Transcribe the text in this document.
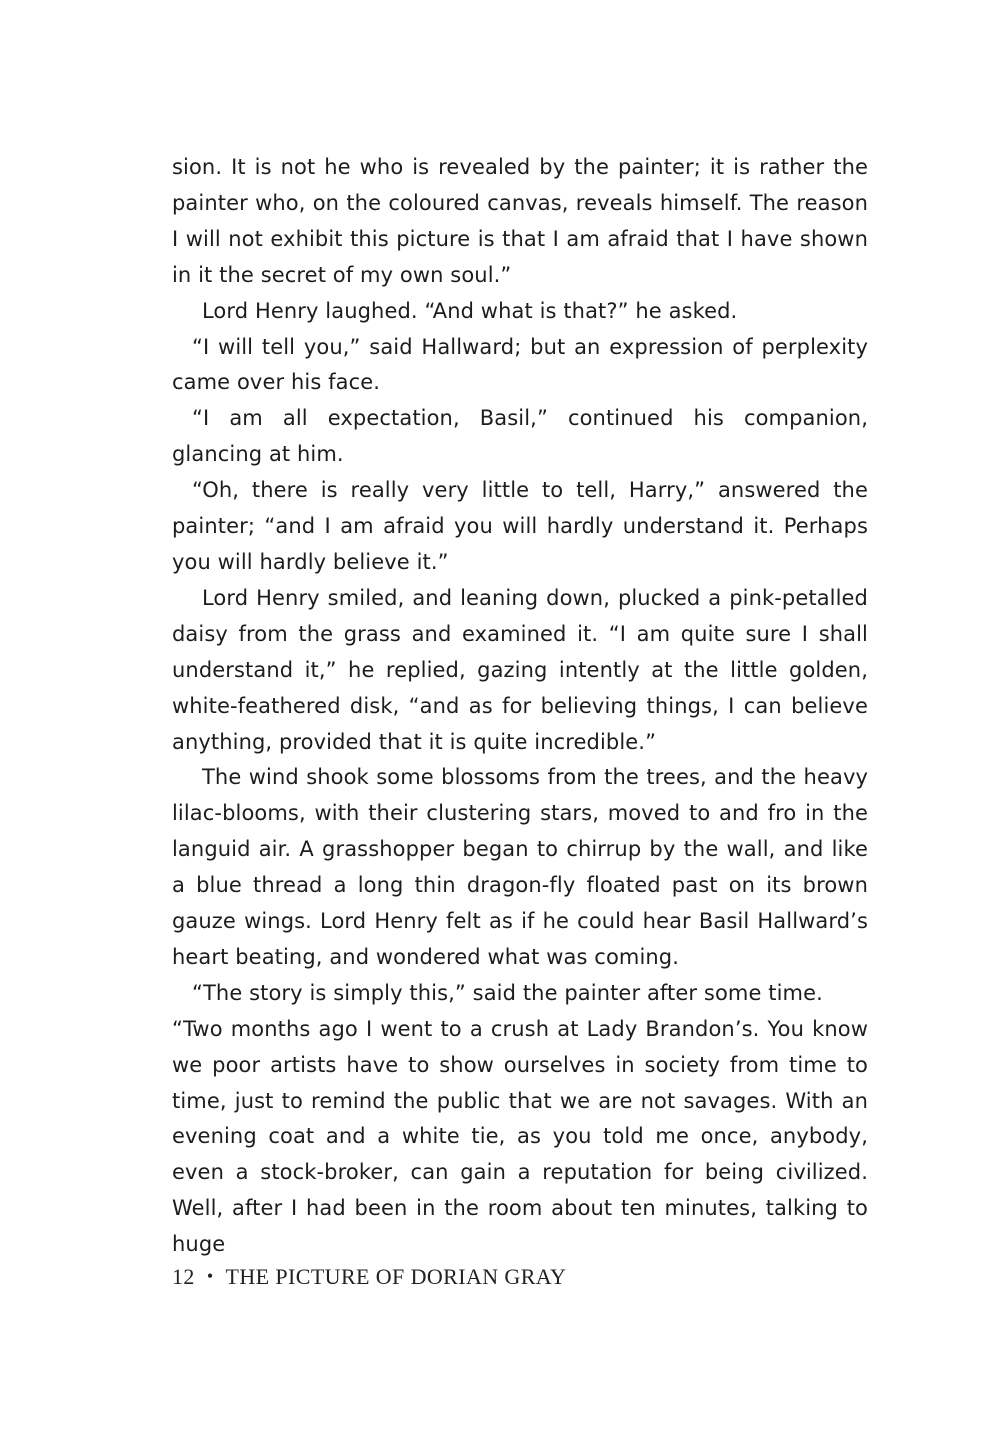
sion. It is not he who is revealed by the painter; it is rather the painter who, on the coloured canvas, reveals himself. The reason I will not exhibit this picture is that I am afraid that I have shown in it the secret of my own soul.”

Lord Henry laughed. “And what is that?” he asked.

“I will tell you,” said Hallward; but an expression of perplexity came over his face.

“I am all expectation, Basil,” continued his companion, glancing at him.

“Oh, there is really very little to tell, Harry,” answered the painter; “and I am afraid you will hardly understand it. Perhaps you will hardly believe it.”

Lord Henry smiled, and leaning down, plucked a pink-petalled daisy from the grass and examined it. “I am quite sure I shall understand it,” he replied, gazing intently at the little golden, white-feathered disk, “and as for believing things, I can believe anything, provided that it is quite incredible.”

The wind shook some blossoms from the trees, and the heavy lilac-blooms, with their clustering stars, moved to and fro in the languid air. A grasshopper began to chirrup by the wall, and like a blue thread a long thin dragon-fly floated past on its brown gauze wings. Lord Henry felt as if he could hear Basil Hallward’s heart beating, and wondered what was coming.

“The story is simply this,” said the painter after some time.

“Two months ago I went to a crush at Lady Brandon’s. You know we poor artists have to show ourselves in society from time to time, just to remind the public that we are not savages. With an evening coat and a white tie, as you told me once, anybody, even a stock-broker, can gain a reputation for being civilized. Well, after I had been in the room about ten minutes, talking to huge

12 • THE PICTURE OF DORIAN GRAY
